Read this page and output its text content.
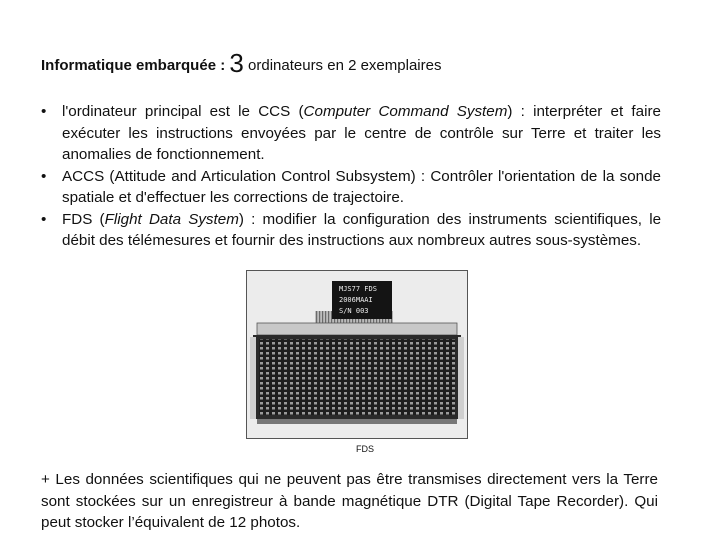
Informatique embarquée : 3 ordinateurs en 2 exemplaires
• l'ordinateur principal est le CCS (Computer Command System) : interpréter et faire exécuter les instructions envoyées par le centre de contrôle sur Terre et traiter les anomalies de fonctionnement.
• ACCS (Attitude and Articulation Control Subsystem) : Contrôler l'orientation de la sonde spatiale et d'effectuer les corrections de trajectoire.
• FDS (Flight Data System) : modifier la configuration des instruments scientifiques, le débit des télémesures et fournir des instructions aux nombreux autres sous-systèmes.
MJS77 FDS
2006MAAI
S/N 003
FDS
+ Les données scientifiques qui ne peuvent pas être transmises directement vers la Terre sont stockées sur un enregistreur à bande magnétique DTR (Digital Tape Recorder). Qui peut stocker l’équivalent de 12 photos.
